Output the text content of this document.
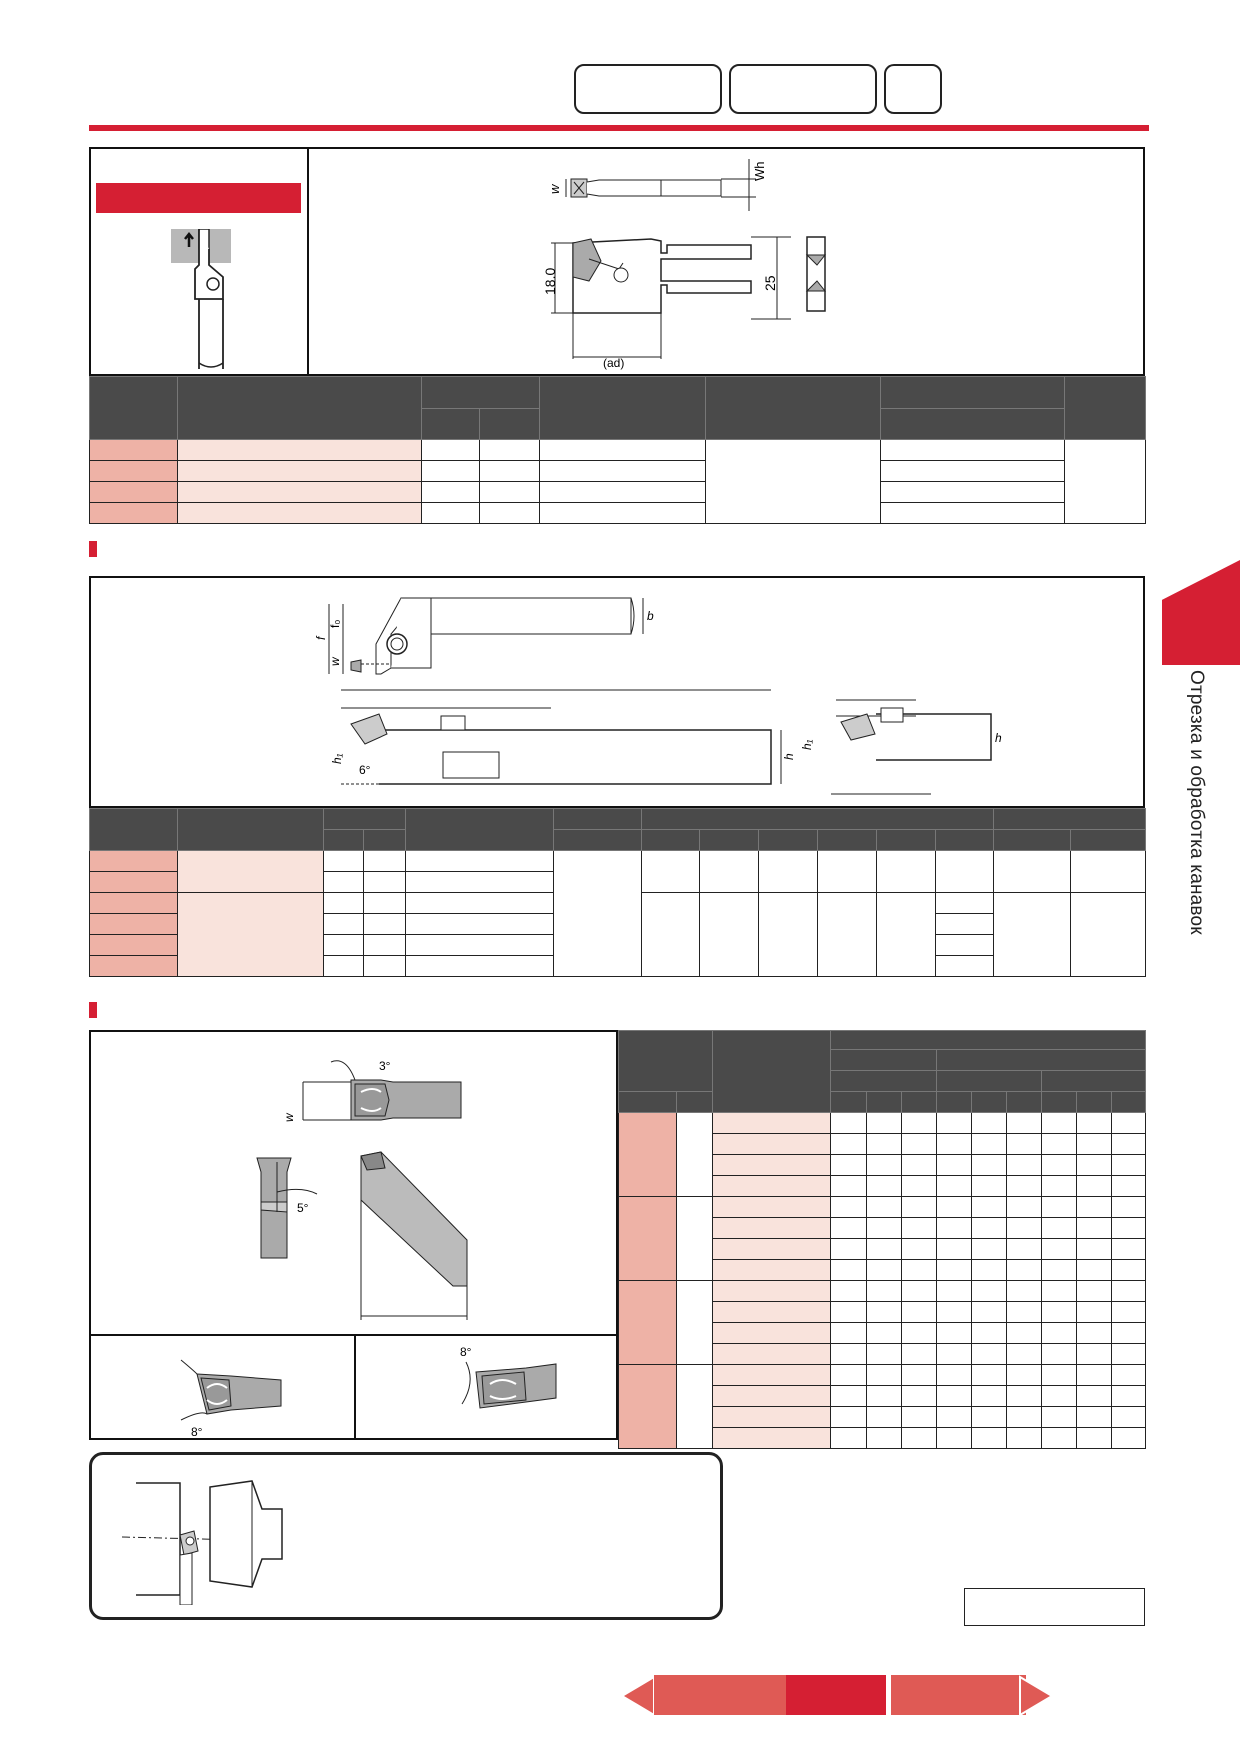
w
Wh
18.0	25
(ad)

f
f₀
w
b
h₁
6°
h
h₁	h

w
3°
5°
8°
8°

Отрезка и обработка канавок
